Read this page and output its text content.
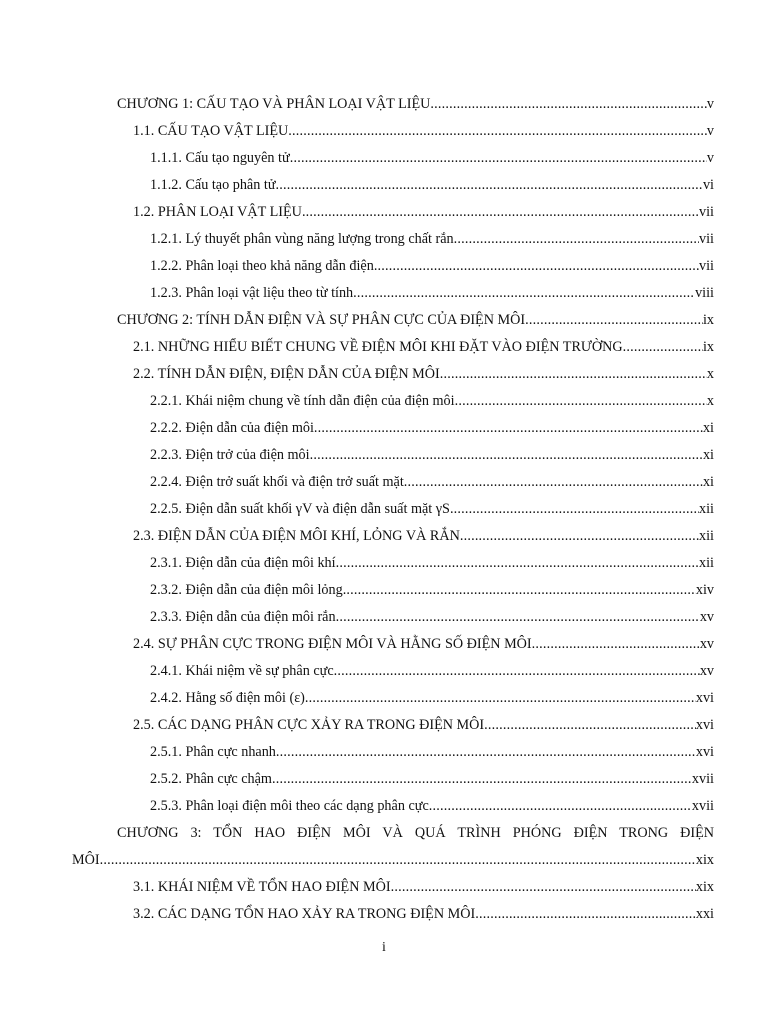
CHƯƠNG 1: CẤU TẠO VÀ PHÂN LOẠI VẬT LIỆU .....	v
1.1. CẤU TẠO VẬT LIỆU .....	v
1.1.1. Cấu tạo nguyên tử .....	v
1.1.2. Cấu tạo phân tử .....	vi
1.2. PHÂN LOẠI VẬT LIỆU .....	vii
1.2.1. Lý thuyết phân vùng năng lượng trong chất rắn .....	vii
1.2.2. Phân loại theo khả năng dẫn điện .....	vii
1.2.3. Phân loại vật liệu theo từ tính .....	viii
CHƯƠNG 2: TÍNH DẪN ĐIỆN VÀ SỰ PHÂN CỰC CỦA ĐIỆN MÔI .....	ix
2.1. NHỮNG HIỂU BIẾT CHUNG VỀ ĐIỆN MÔI KHI ĐẶT VÀO ĐIỆN TRƯỜNG .....	ix
2.2. TÍNH DẪN ĐIỆN, ĐIỆN DẪN CỦA ĐIỆN MÔI .....	x
2.2.1. Khái niệm chung về tính dẫn điện của điện môi .....	x
2.2.2. Điện dẫn của điện môi .....	xi
2.2.3. Điện trở của điện môi .....	xi
2.2.4. Điện trở suất khối và điện trở suất mặt .....	xi
2.2.5. Điện dẫn suất khối γV và điện dẫn suất mặt γS .....	xii
2.3. ĐIỆN DẪN CỦA ĐIỆN MÔI KHÍ, LỎNG VÀ RẮN .....	xii
2.3.1. Điện dẫn của điện môi khí .....	xii
2.3.2. Điện dẫn của điện môi lỏng .....	xiv
2.3.3. Điện dẫn của điện môi rắn .....	xv
2.4. SỰ PHÂN CỰC TRONG ĐIỆN MÔI VÀ HẰNG SỐ ĐIỆN MÔI .....	xv
2.4.1. Khái niệm về sự phân cực .....	xv
2.4.2. Hằng số điện môi (ε) .....	xvi
2.5. CÁC DẠNG PHÂN CỰC XẢY RA TRONG ĐIỆN MÔI .....	xvi
2.5.1. Phân cực nhanh .....	xvi
2.5.2. Phân cực chậm .....	xvii
2.5.3. Phân loại điện môi theo các dạng phân cực .....	xvii
CHƯƠNG 3: TỔN HAO ĐIỆN MÔI VÀ QUÁ TRÌNH PHÓNG ĐIỆN TRONG ĐIỆN
MÔI .....	xix
3.1. KHÁI NIỆM VỀ TỔN HAO ĐIỆN MÔI .....	xix
3.2. CÁC DẠNG TỔN HAO XẢY RA TRONG ĐIỆN MÔI .....	xxi
i
